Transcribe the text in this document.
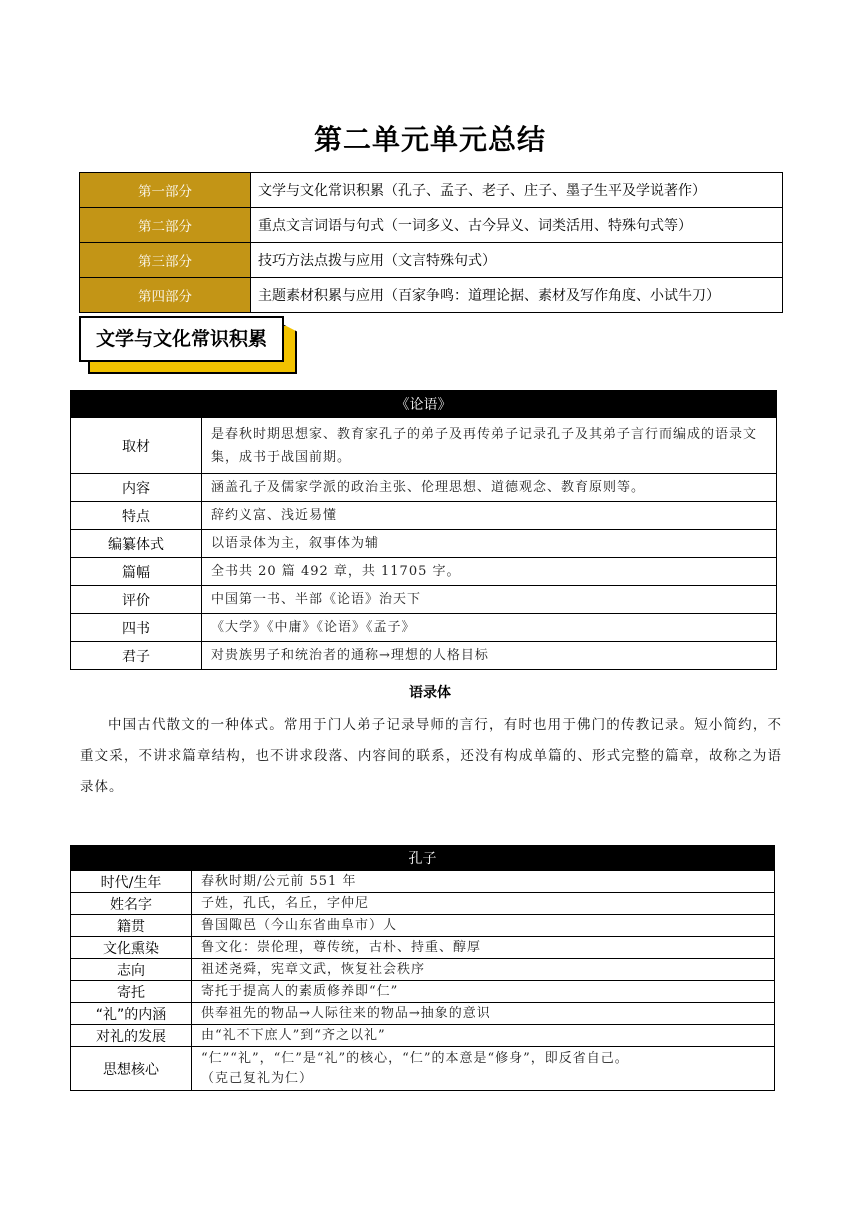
第二单元单元总结
第一部分	文学与文化常识积累（孔子、孟子、老子、庄子、墨子生平及学说著作）
第二部分	重点文言词语与句式（一词多义、古今异义、词类活用、特殊句式等）
第三部分	技巧方法点拨与应用（文言特殊句式）
第四部分	主题素材积累与应用（百家争鸣：道理论据、素材及写作角度、小试牛刀）
文学与文化常识积累
《论语》	
取材	是春秋时期思想家、教育家孔子的弟子及再传弟子记录孔子及其弟子言行而编成的语录文集，成书于战国前期。
内容	涵盖孔子及儒家学派的政治主张、伦理思想、道德观念、教育原则等。
特点	辞约义富、浅近易懂
编纂体式	以语录体为主，叙事体为辅
篇幅	全书共 20 篇 492 章，共 11705 字。
评价	中国第一书、半部《论语》治天下
四书	《大学》《中庸》《论语》《孟子》
君子	对贵族男子和统治者的通称→理想的人格目标
语录体
中国古代散文的一种体式。常用于门人弟子记录导师的言行，有时也用于佛门的传教记录。短小简约，不重文采，不讲求篇章结构，也不讲求段落、内容间的联系，还没有构成单篇的、形式完整的篇章，故称之为语录体。
孔子	
时代/生年	春秋时期/公元前 551 年
姓名字	子姓，孔氏，名丘，字仲尼
籍贯	鲁国陬邑（今山东省曲阜市）人
文化熏染	鲁文化：崇伦理，尊传统，古朴、持重、醇厚
志向	祖述尧舜，宪章文武，恢复社会秩序
寄托	寄托于提高人的素质修养即“仁”
“礼”的内涵	供奉祖先的物品→人际往来的物品→抽象的意识
对礼的发展	由“礼不下庶人”到“齐之以礼”
思想核心	“仁”“礼”，“仁”是“礼”的核心，“仁”的本意是“修身”，即反省自己。
（克己复礼为仁）
